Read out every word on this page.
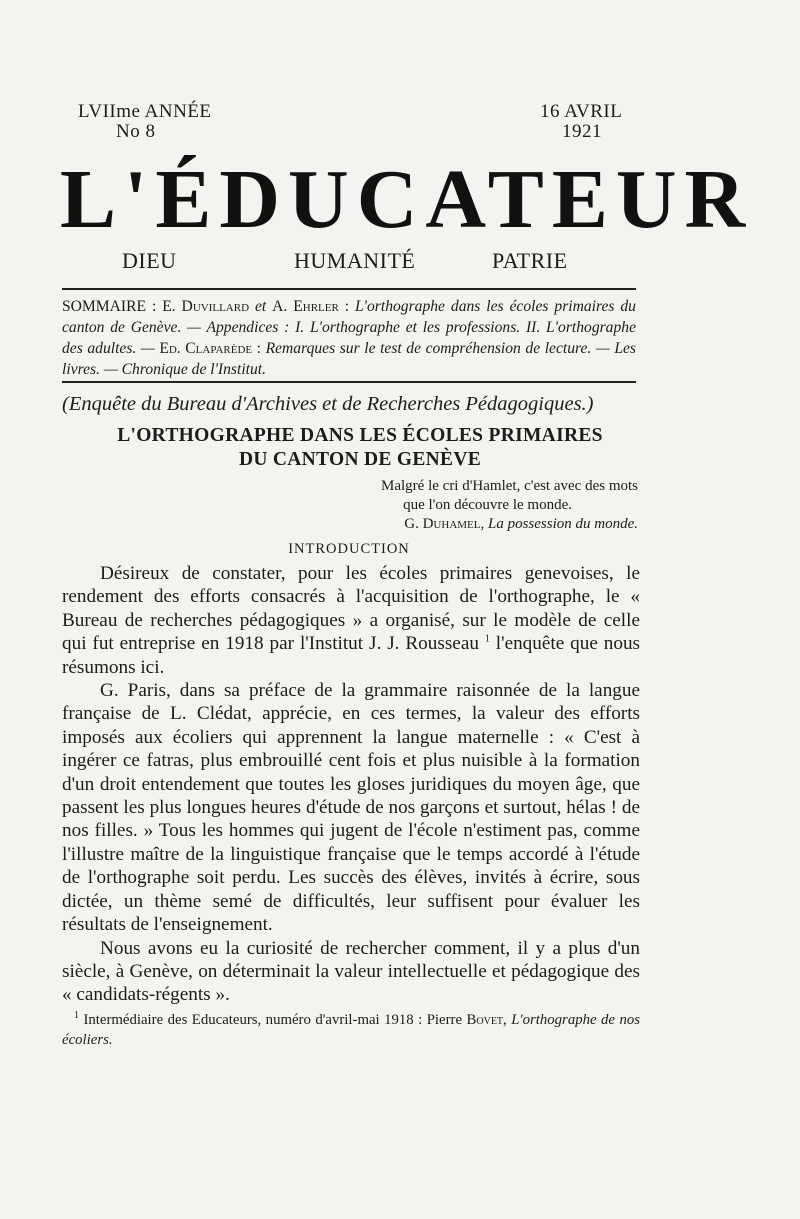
LVIIme ANNÉE
No 8
16 AVRIL
1921
L'ÉDUCATEUR
DIEU	HUMANITÉ	PATRIE
SOMMAIRE : E. Duvillard et A. Ehrler : L'orthographe dans les écoles primaires du canton de Genève. — Appendices : I. L'orthographe et les professions. II. L'orthographe des adultes. — Ed. Claparède : Remarques sur le test de compréhension de lecture. — Les livres. — Chronique de l'Institut.
(Enquête du Bureau d'Archives et de Recherches Pédagogiques.)
L'ORTHOGRAPHE DANS LES ÉCOLES PRIMAIRES
DU CANTON DE GENÈVE
Malgré le cri d'Hamlet, c'est avec des mots
que l'on découvre le monde.
G. Duhamel, La possession du monde.
INTRODUCTION

Désireux de constater, pour les écoles primaires genevoises, le rendement des efforts consacrés à l'acquisition de l'orthographe, le « Bureau de recherches pédagogiques » a organisé, sur le modèle de celle qui fut entreprise en 1918 par l'Institut J. J. Rousseau $^1$ l'enquête que nous résumons ici.

G. Paris, dans sa préface de la grammaire raisonnée de la langue française de L. Clédat, apprécie, en ces termes, la valeur des efforts imposés aux écoliers qui apprennent la langue maternelle : « C'est à ingérer ce fatras, plus embrouillé cent fois et plus nuisible à la formation d'un droit entendement que toutes les gloses juridiques du moyen âge, que passent les plus longues heures d'étude de nos garçons et surtout, hélas ! de nos filles. » Tous les hommes qui jugent de l'école n'estiment pas, comme l'illustre maître de la linguistique française que le temps accordé à l'étude de l'orthographe soit perdu. Les succès des élèves, invités à écrire, sous dictée, un thème semé de difficultés, leur suffisent pour évaluer les résultats de l'enseignement.

Nous avons eu la curiosité de rechercher comment, il y a plus d'un siècle, à Genève, on déterminait la valeur intellectuelle et pédagogique des « candidats-régents ».

$^1$ Intermédiaire des Educateurs, numéro d'avril-mai 1918 : Pierre Bovet, L'orthographe de nos écoliers.
